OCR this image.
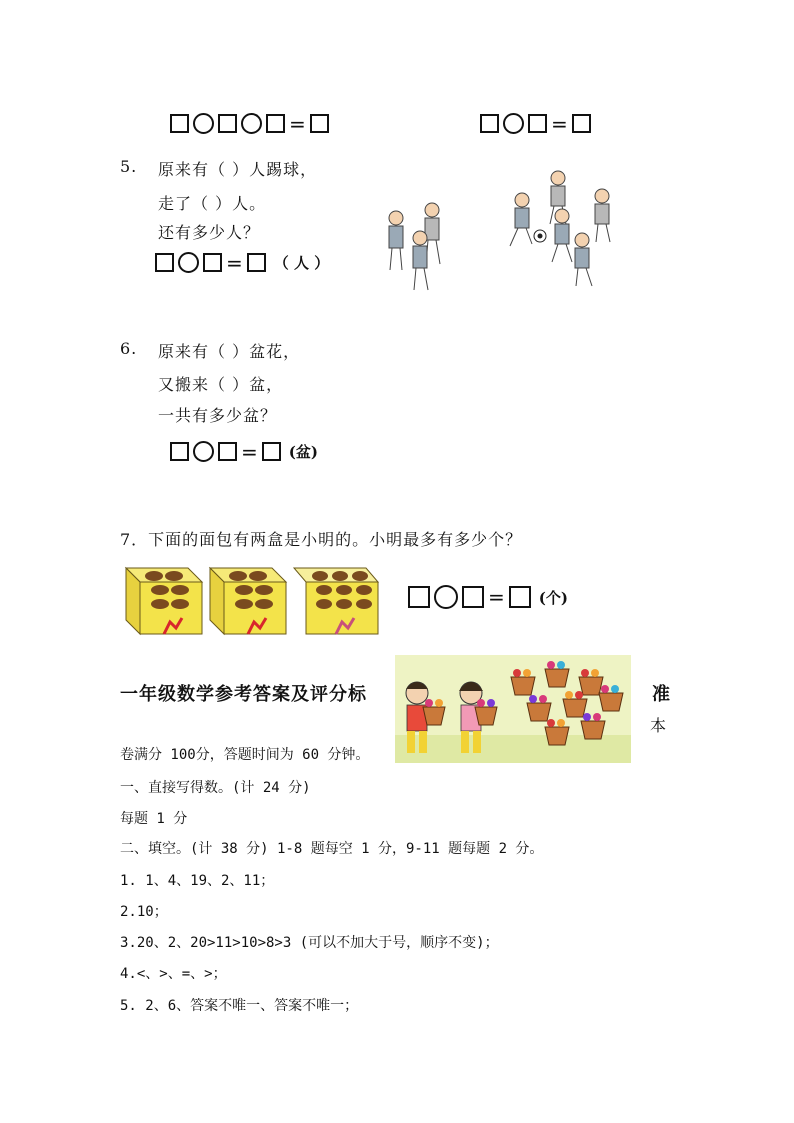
=	=
5. 原来有（ ）人踢球，
走了（ ）人。
还有多少人？
= （ 人 ）
6. 原来有（ ）盆花，
又搬来（ ）盆，
一共有多少盆？
= (盆)
7．下面的面包有两盒是小明的。小明最多有多少个？
= (个)
一年级数学参考答案及评分标	准
本
卷满分 100分，答题时间为 60 分钟。
一、直接写得数。(计 24 分)
每题 1 分
二、填空。(计 38 分) 1-8 题每空 1 分，9-11 题每题 2 分。
1. 1、4、19、2、11；
2.10；
3.20、2、20>11>10>8>3 (可以不加大于号，顺序不变)；
4.<、>、=、>；
5. 2、6、答案不唯一、答案不唯一；
